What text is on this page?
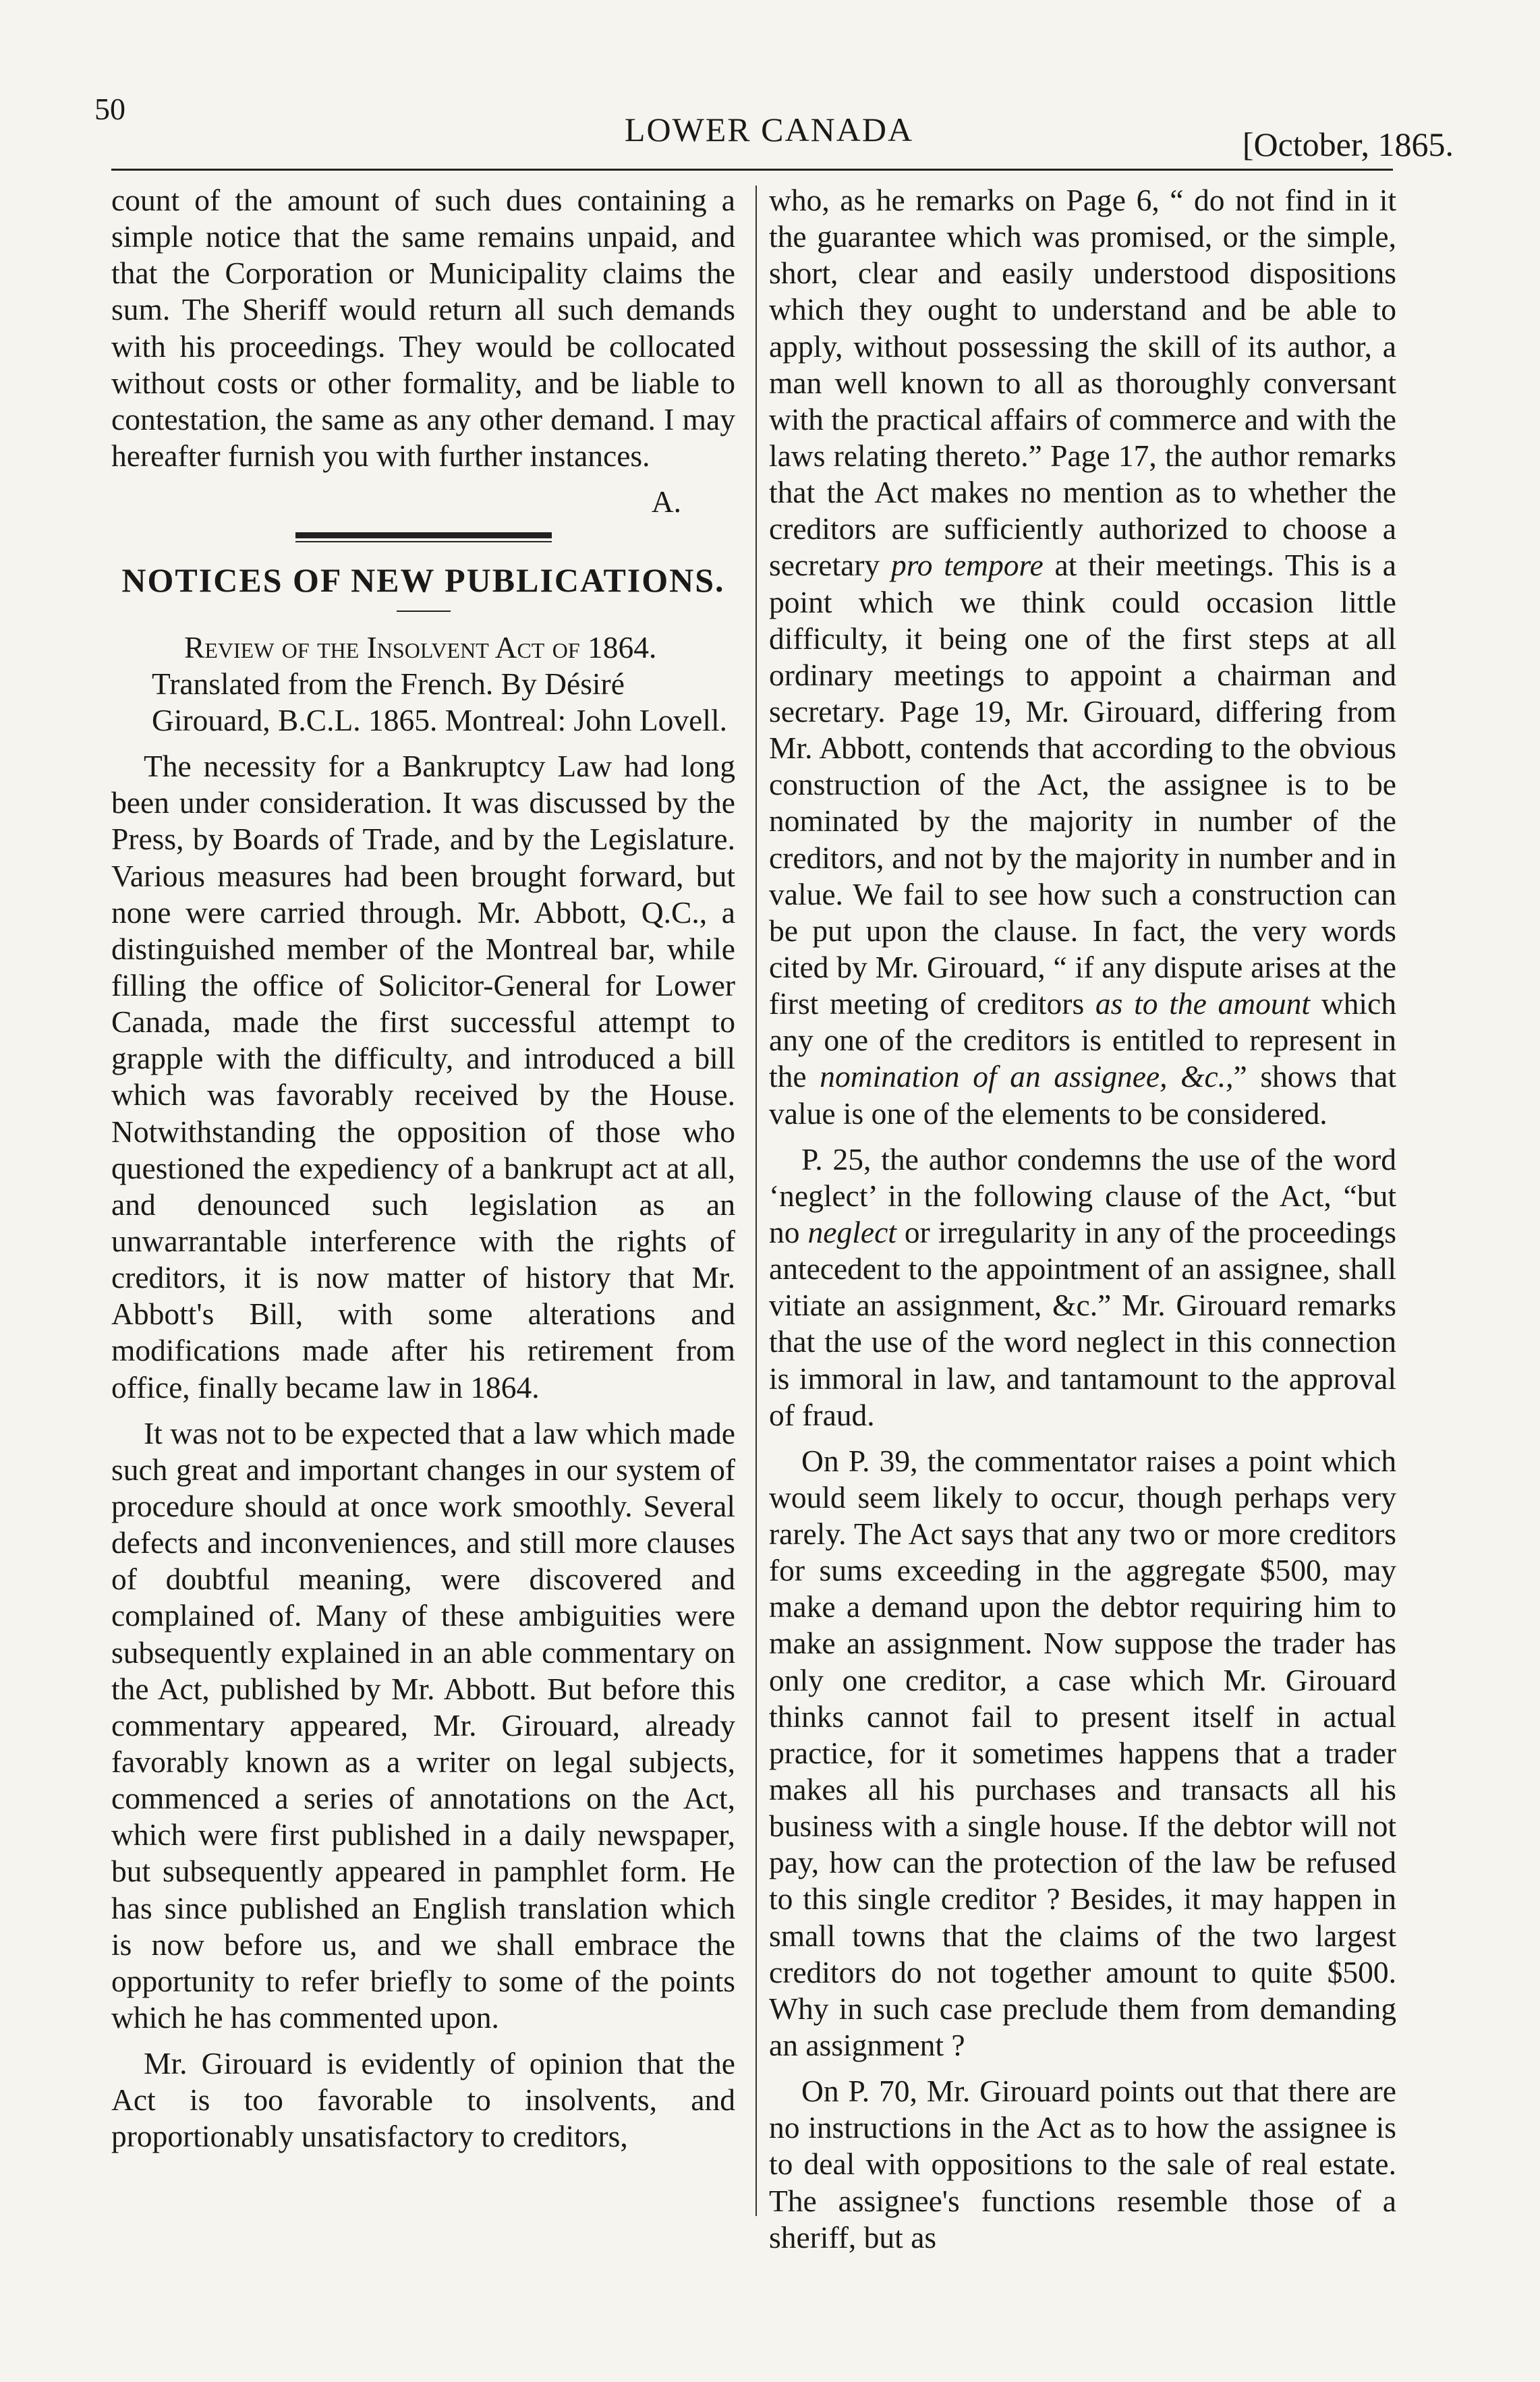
50
LOWER CANADA	[October, 1865.

count of the amount of such dues containing a simple notice that the same remains unpaid, and that the Corporation or Municipality claims the sum. The Sheriff would return all such demands with his proceedings. They would be collocated without costs or other formality, and be liable to contestation, the same as any other demand. I may hereafter furnish you with further instances.

A.

NOTICES OF NEW PUBLICATIONS.

Review of the Insolvent Act of 1864. Translated from the French. By Désiré Girouard, B.C.L. 1865. Montreal: John Lovell.

The necessity for a Bankruptcy Law had long been under consideration. It was discussed by the Press, by Boards of Trade, and by the Legislature. Various measures had been brought forward, but none were carried through. Mr. Abbott, Q.C., a distinguished member of the Montreal bar, while filling the office of Solicitor-General for Lower Canada, made the first successful attempt to grapple with the difficulty, and introduced a bill which was favorably received by the House. Notwithstanding the opposition of those who questioned the expediency of a bankrupt act at all, and denounced such legislation as an unwarrantable interference with the rights of creditors, it is now matter of history that Mr. Abbott's Bill, with some alterations and modifications made after his retirement from office, finally became law in 1864.

It was not to be expected that a law which made such great and important changes in our system of procedure should at once work smoothly. Several defects and inconveniences, and still more clauses of doubtful meaning, were discovered and complained of. Many of these ambiguities were subsequently explained in an able commentary on the Act, published by Mr. Abbott. But before this commentary appeared, Mr. Girouard, already favorably known as a writer on legal subjects, commenced a series of annotations on the Act, which were first published in a daily newspaper, but subsequently appeared in pamphlet form. He has since published an English translation which is now before us, and we shall embrace the opportunity to refer briefly to some of the points which he has commented upon.

Mr. Girouard is evidently of opinion that the Act is too favorable to insolvents, and proportionably unsatisfactory to creditors,

who, as he remarks on Page 6, “ do not find in it the guarantee which was promised, or the simple, short, clear and easily understood dispositions which they ought to understand and be able to apply, without possessing the skill of its author, a man well known to all as thoroughly conversant with the practical affairs of commerce and with the laws relating thereto.” Page 17, the author remarks that the Act makes no mention as to whether the creditors are sufficiently authorized to choose a secretary pro tempore at their meetings. This is a point which we think could occasion little difficulty, it being one of the first steps at all ordinary meetings to appoint a chairman and secretary. Page 19, Mr. Girouard, differing from Mr. Abbott, contends that according to the obvious construction of the Act, the assignee is to be nominated by the majority in number of the creditors, and not by the majority in number and in value. We fail to see how such a construction can be put upon the clause. In fact, the very words cited by Mr. Girouard, “ if any dispute arises at the first meeting of creditors as to the amount which any one of the creditors is entitled to represent in the nomination of an assignee, &c.,” shows that value is one of the elements to be considered.

P. 25, the author condemns the use of the word ‘neglect’ in the following clause of the Act, “but no neglect or irregularity in any of the proceedings antecedent to the appointment of an assignee, shall vitiate an assignment, &c.” Mr. Girouard remarks that the use of the word neglect in this connection is immoral in law, and tantamount to the approval of fraud.

On P. 39, the commentator raises a point which would seem likely to occur, though perhaps very rarely. The Act says that any two or more creditors for sums exceeding in the aggregate $500, may make a demand upon the debtor requiring him to make an assignment. Now suppose the trader has only one creditor, a case which Mr. Girouard thinks cannot fail to present itself in actual practice, for it sometimes happens that a trader makes all his purchases and transacts all his business with a single house. If the debtor will not pay, how can the protection of the law be refused to this single creditor ? Besides, it may happen in small towns that the claims of the two largest creditors do not together amount to quite $500. Why in such case preclude them from demanding an assignment ?

On P. 70, Mr. Girouard points out that there are no instructions in the Act as to how the assignee is to deal with oppositions to the sale of real estate. The assignee's functions resemble those of a sheriff, but as
